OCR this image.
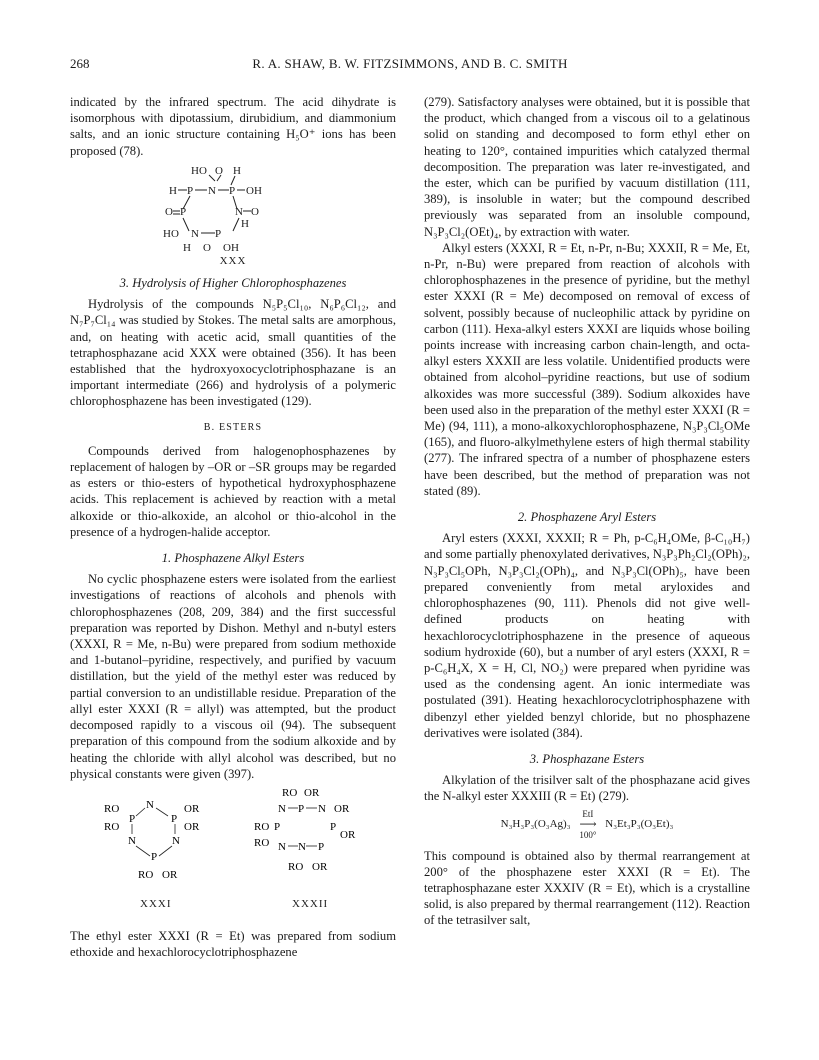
268	R. A. SHAW, B. W. FITZSIMMONS, AND B. C. SMITH

indicated by the infrared spectrum. The acid dihydrate is isomorphous with dipotassium, dirubidium, and diammonium salts, and an ionic structure containing H₅O⁺ ions has been proposed (78).

HO O H
H P N P OH
O P	N
H
O
HO N P
H O OH
XXX
3. Hydrolysis of Higher Chlorophosphazenes

Hydrolysis of the compounds N₅P₅Cl₁₀, N₆P₆Cl₁₂, and N₇P₇Cl₁₄ was studied by Stokes. The metal salts are amorphous, and, on heating with acetic acid, small quantities of the tetraphosphazane acid XXX were obtained (356). It has been established that the hydroxyoxocyclotriphosphazane is an important intermediate (266) and hydrolysis of a polymeric chlorophosphazene has been investigated (129).

B. ESTERS

Compounds derived from halogenophosphazenes by replacement of halogen by –OR or –SR groups may be regarded as esters or thio-esters of hypothetical hydroxyphosphazene acids. This replacement is achieved by reaction with a metal alkoxide or thio-alkoxide, an alcohol or thio-alcohol in the presence of a hydrogen-halide acceptor.

1. Phosphazene Alkyl Esters

No cyclic phosphazene esters were isolated from the earliest investigations of reactions of alcohols and phenols with chlorophosphazenes (208, 209, 384) and the first successful preparation was reported by Dishon. Methyl and n-butyl esters (XXXI, R = Me, n-Bu) were prepared from sodium methoxide and 1-butanol–pyridine, respectively, and purified by vacuum distillation, but the yield of the methyl ester was reduced by partial conversion to an undistillable residue. Preparation of the allyl ester XXXI (R = allyl) was attempted, but the product decomposed rapidly to a viscous oil (94). The subsequent preparation of this compound from the sodium alkoxide and by heating the chloride with allyl alcohol was described, but no physical constants were given (397).

RO	OR
RO	OR
P
N
P
N	N
P
RO OR
XXXI
RO OR
N P N OR
RO P	P
OR
RO N N P
RO OR
XXXII

The ethyl ester XXXI (R = Et) was prepared from sodium ethoxide and hexachlorocyclotriphosphazene

(279). Satisfactory analyses were obtained, but it is possible that the product, which changed from a viscous oil to a gelatinous solid on standing and decomposed to form ethyl ether on heating to 120°, contained impurities which catalyzed thermal decomposition. The preparation was later re-investigated, and the ester, which can be purified by vacuum distillation (111, 389), is insoluble in water; but the compound described previously was separated from an insoluble compound, N₃P₃Cl₂(OEt)₄, by extraction with water.

Alkyl esters (XXXI, R = Et, n-Pr, n-Bu; XXXII, R = Me, Et, n-Pr, n-Bu) were prepared from reaction of alcohols with chlorophosphazenes in the presence of pyridine, but the methyl ester XXXI (R = Me) decomposed on removal of excess of solvent, possibly because of nucleophilic attack by pyridine on carbon (111). Hexa-alkyl esters XXXI are liquids whose boiling points increase with increasing carbon chain-length, and octa-alkyl esters XXXII are less volatile. Unidentified products were obtained from alcohol–pyridine reactions, but use of sodium alkoxides was more successful (389). Sodium alkoxides have been used also in the preparation of the methyl ester XXXI (R = Me) (94, 111), a mono-alkoxychlorophosphazene, N₃P₃Cl₅OMe (165), and fluoro-alkylmethylene esters of high thermal stability (277). The infrared spectra of a number of phosphazene esters have been described, but the method of preparation was not stated (89).

2. Phosphazene Aryl Esters

Aryl esters (XXXI, XXXII; R = Ph, p-C₆H₄OMe, β-C₁₀H₇) and some partially phenoxylated derivatives, N₃P₃Ph₂Cl₂(OPh)₂, N₃P₃Cl₅OPh, N₃P₃Cl₂(OPh)₄, and N₃P₃Cl(OPh)₅, have been prepared conveniently from metal aryloxides and chlorophosphazenes (90, 111). Phenols did not give well-defined products on heating with hexachlorocyclotriphosphazene in the presence of aqueous sodium hydroxide (60), but a number of aryl esters (XXXI, R = p-C₆H₄X, X = H, Cl, NO₂) were prepared when pyridine was used as the condensing agent. An ionic intermediate was postulated (391). Heating hexachlorocyclotriphosphazene with dibenzyl ether yielded benzyl chloride, but no phosphazene derivatives were isolated (384).

3. Phosphazane Esters

Alkylation of the trisilver salt of the phosphazane acid gives the N-alkyl ester XXXIII (R = Et) (279).

N₃H₃P₃(O₃Ag)₃ EtI
⟶
100° N₃Et₃P₃(O₃Et)₃

This compound is obtained also by thermal rearrangement at 200° of the phosphazene ester XXXI (R = Et). The tetraphosphazane ester XXXIV (R = Et), which is a crystalline solid, is also prepared by thermal rearrangement (112). Reaction of the tetrasilver salt,
